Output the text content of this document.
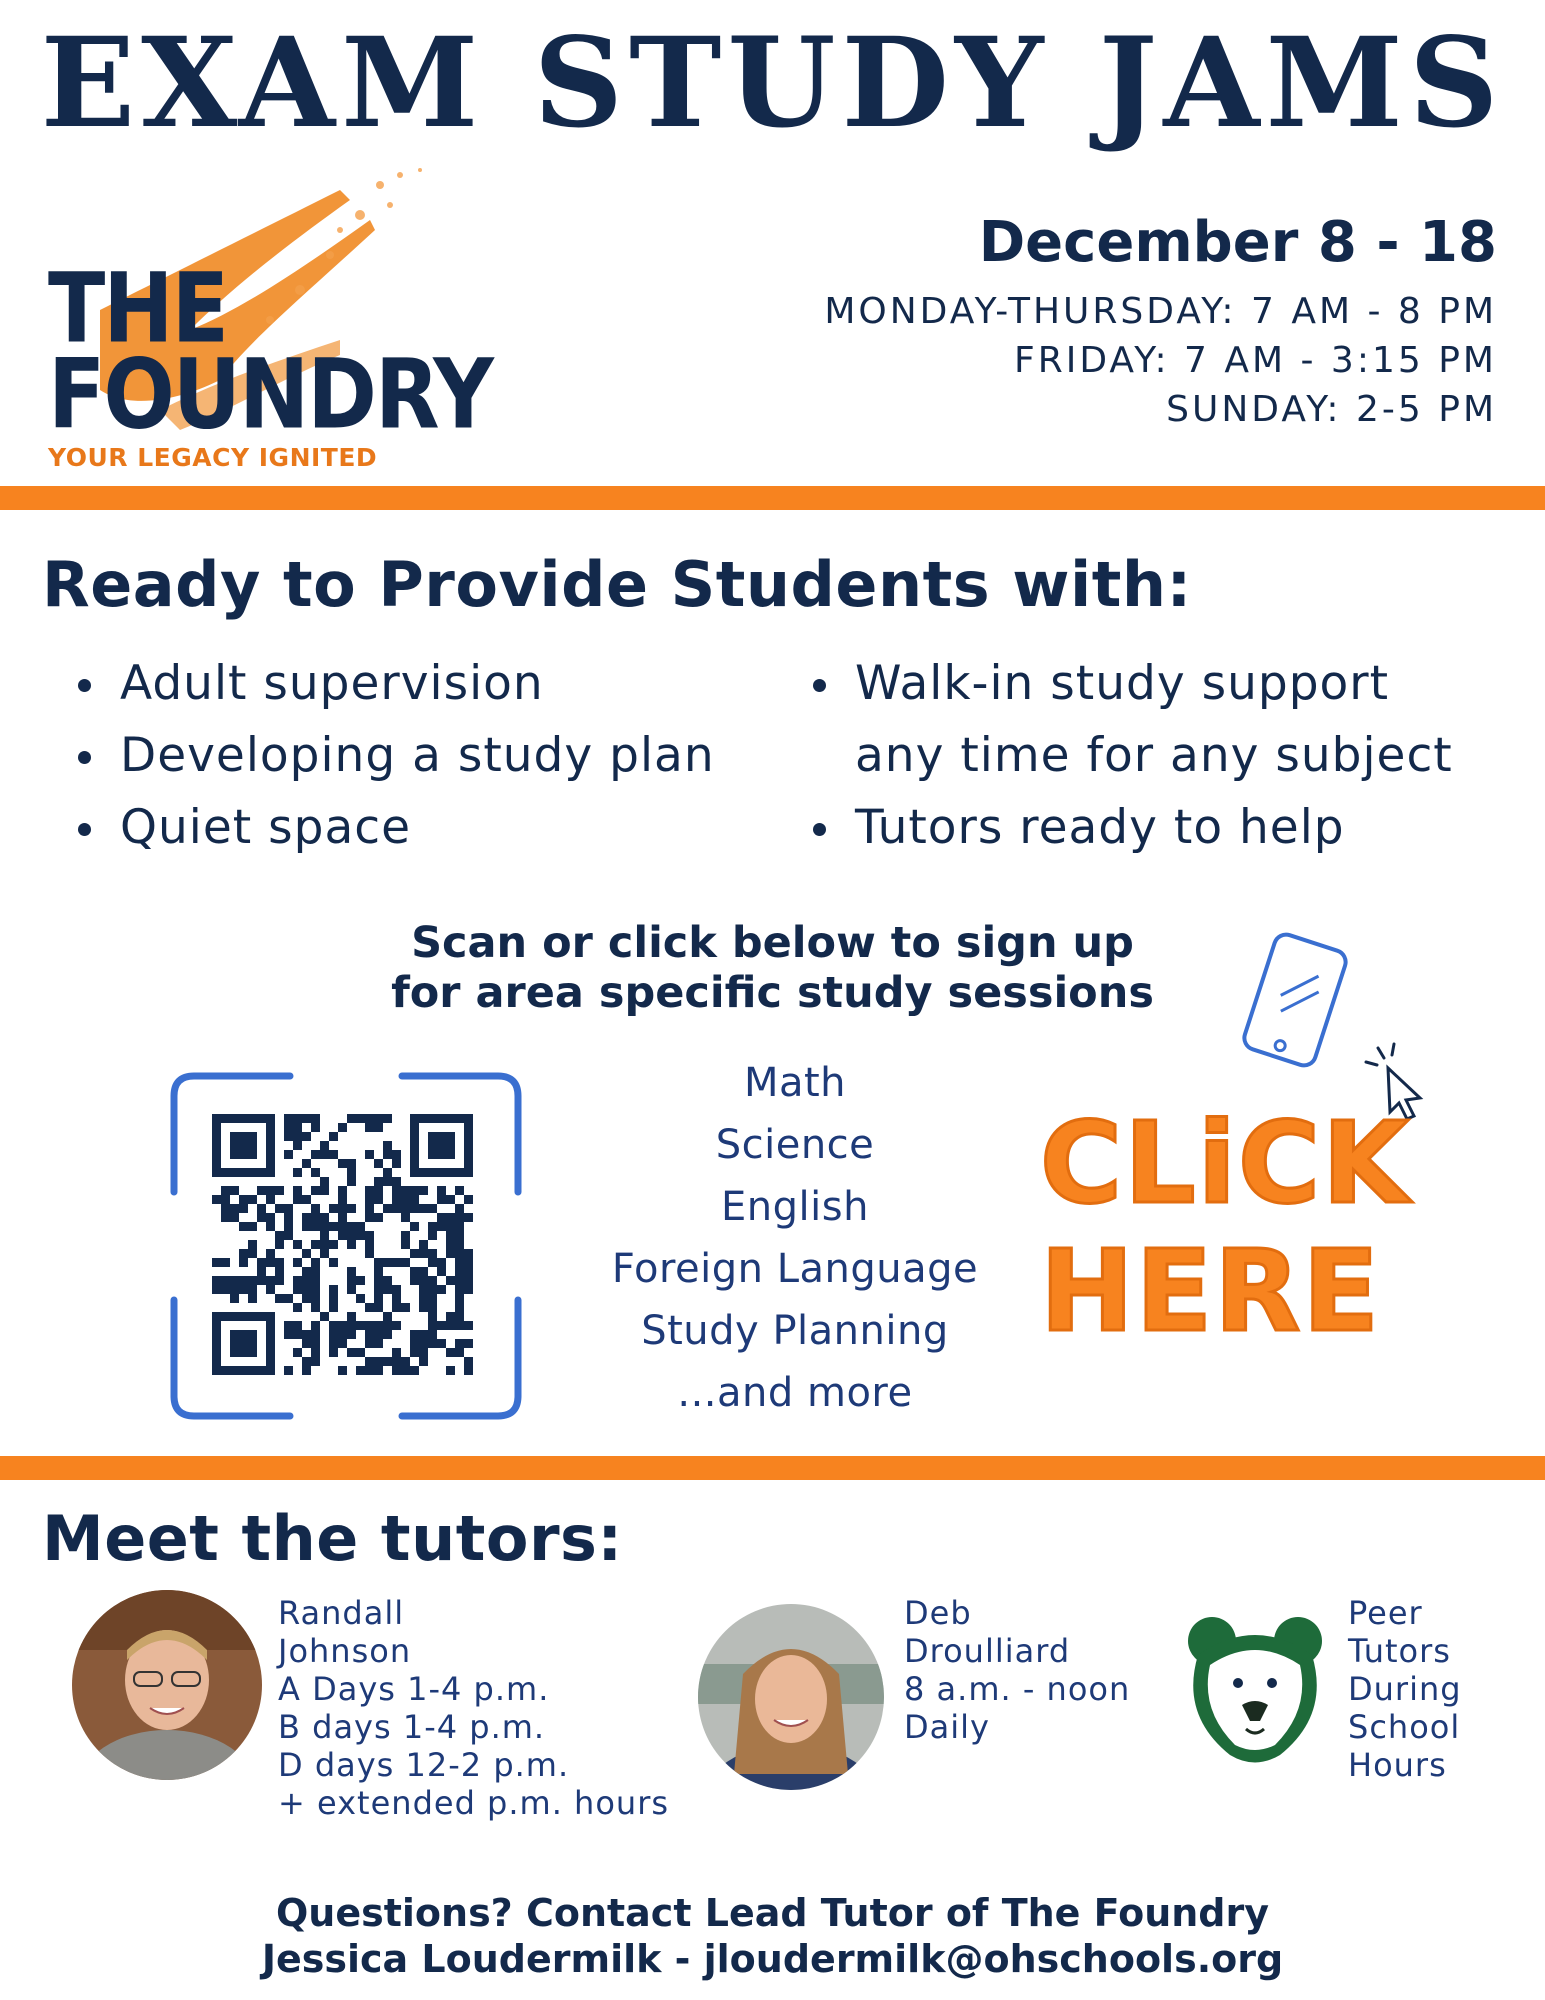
EXAM STUDY JAMS
THE
FOUNDRY
YOUR LEGACY IGNITED
December 8 - 18
MONDAY-THURSDAY: 7 AM - 8 PM
FRIDAY: 7 AM - 3:15 PM
SUNDAY: 2-5 PM
Ready to Provide Students with:
Adult supervision
Developing a study plan
Quiet space
Walk-in study support
any time for any subject
Tutors ready to help
Scan or click below to sign up
for area specific study sessions
Math
Science
English
Foreign Language
Study Planning
...and more
CLiCK
HERE
Meet the tutors:
Randall
Johnson
A Days 1-4 p.m.
B days 1-4 p.m.
D days 12-2 p.m.
+ extended p.m. hours
Deb
Droulliard
8 a.m. - noon
Daily
Peer
Tutors
During
School
Hours
Questions? Contact Lead Tutor of The Foundry
Jessica Loudermilk - jloudermilk@ohschools.org
